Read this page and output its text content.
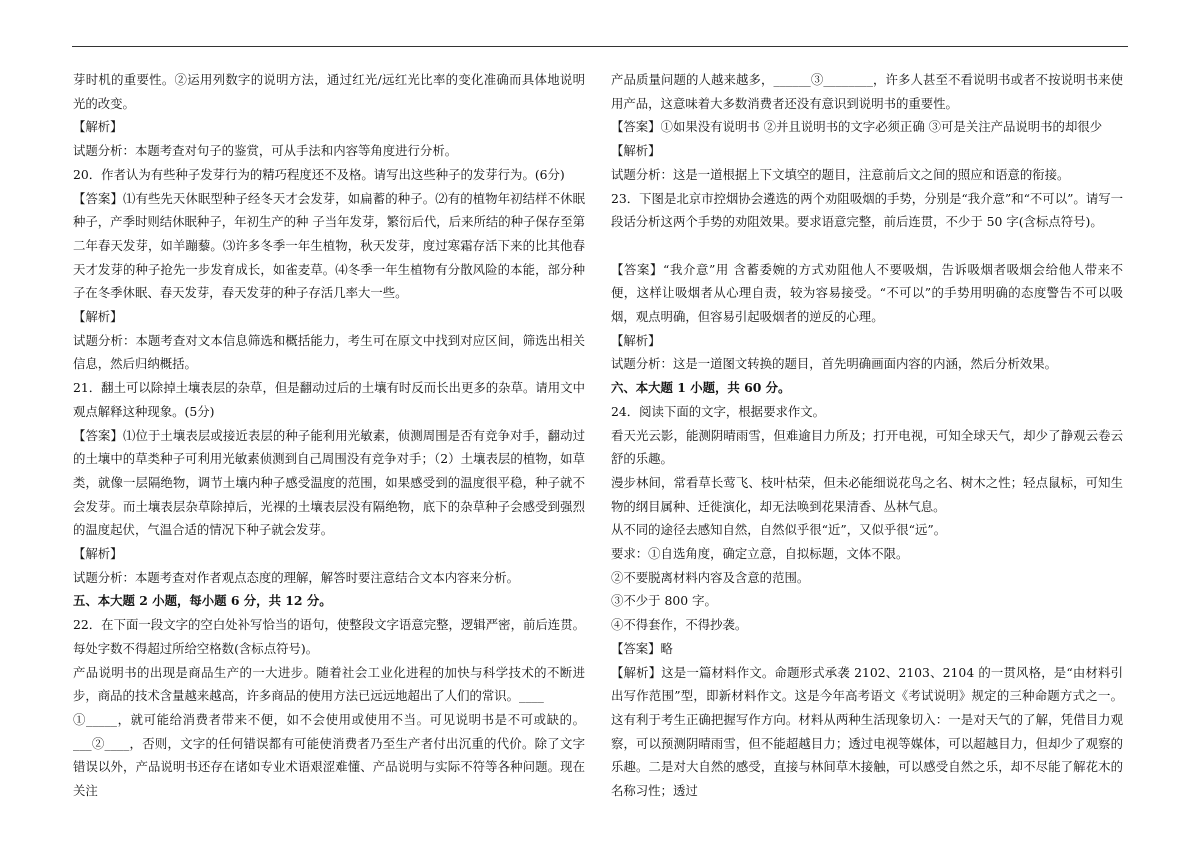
芽时机的重要性。②运用列数字的说明方法，通过红光/远红光比率的变化准确而具体地说明光的改变。

【解析】

试题分析：本题考查对句子的鉴赏，可从手法和内容等角度进行分析。

20．作者认为有些种子发芽行为的精巧程度还不及格。请写出这些种子的发芽行为。(6分)

【答案】⑴有些先天休眠型种子经冬天才会发芽，如扁蓄的种子。⑵有的植物年初结样不休眠种子，产季时则结休眠种子，年初生产的种 子当年发芽，繁衍后代，后来所结的种子保存至第二年春天发芽，如羊蹦藜。⑶许多冬季一年生植物，秋天发芽，度过寒霜存活下来的比其他春天才发芽的种子抢先一步发育成长，如雀麦草。⑷冬季一年生植物有分散风险的本能，部分种子在冬季休眠、春天发芽，春天发芽的种子存活几率大一些。

【解析】

试题分析：本题考查对文本信息筛选和概括能力，考生可在原文中找到对应区间，筛选出相关信息，然后归纳概括。

21．翻土可以除掉土壤表层的杂草，但是翻动过后的土壤有时反而长出更多的杂草。请用文中观点解释这种现象。(5分)

【答案】⑴位于土壤表层或接近表层的种子能利用光敏素，侦测周围是否有竞争对手，翻动过的土壤中的草类种子可利用光敏素侦测到自己周围没有竞争对手；（2）土壤表层的植物，如草类，就像一层隔绝物，调节土壤内种子感受温度的范围，如果感受到的温度很平稳，种子就不会发芽。而土壤表层杂草除掉后，光裸的土壤表层没有隔绝物，底下的杂草种子会感受到强烈的温度起伏，气温合适的情况下种子就会发芽。

【解析】

试题分析：本题考查对作者观点态度的理解，解答时要注意结合文本内容来分析。

五、本大题 2 小题，每小题 6 分，共 12 分。

22．在下面一段文字的空白处补写恰当的语句，使整段文字语意完整，逻辑严密，前后连贯。每处字数不得超过所给空格数(含标点符号)。

产品说明书的出现是商品生产的一大进步。随着社会工业化进程的加快与科学技术的不断进步，商品的技术含量越来越高，许多商品的使用方法已远远地超出了人们的常识。____

①_____，就可能给消费者带来不便，如不会使用或使用不当。可见说明书是不可或缺的。___②____，否则，文字的任何错误都有可能使消费者乃至生产者付出沉重的代价。除了文字错误以外，产品说明书还存在诸如专业术语艰涩难懂、产品说明与实际不符等各种问题。现在关注

产品质量问题的人越来越多，______③________，许多人甚至不看说明书或者不按说明书来使用产品，这意味着大多数消费者还没有意识到说明书的重要性。

【答案】①如果没有说明书 ②并且说明书的文字必须正确 ③可是关注产品说明书的却很少

【解析】

试题分析：这是一道根据上下文填空的题目，注意前后文之间的照应和语意的衔接。

23．下图是北京市控烟协会遴选的两个劝阻吸烟的手势，分别是“我介意”和“不可以”。请写一段话分析这两个手势的劝阻效果。要求语意完整，前后连贯，不少于 50 字(含标点符号)。

【答案】“我介意”用 含蓄委婉的方式劝阻他人不要吸烟，告诉吸烟者吸烟会给他人带来不便，这样让吸烟者从心理自责，较为容易接受。“不可以”的手势用明确的态度警告不可以吸烟，观点明确，但容易引起吸烟者的逆反的心理。

【解析】

试题分析：这是一道图文转换的题目，首先明确画面内容的内涵，然后分析效果。

六、本大题 1 小题，共 60 分。

24．阅读下面的文字，根据要求作文。

看天光云影，能测阴晴雨雪，但难逾目力所及；打开电视，可知全球天气，却少了静观云卷云舒的乐趣。

漫步林间，常看草长莺飞、枝叶枯荣，但未必能细说花鸟之名、树木之性；轻点鼠标，可知生物的纲目属种、迁徙演化，却无法唤到花果清香、丛林气息。

从不同的途径去感知自然，自然似乎很“近”，又似乎很“远”。

要求：①自选角度，确定立意，自拟标题，文体不限。

②不要脱离材料内容及含意的范围。

③不少于 800 字。

④不得套作，不得抄袭。

【答案】略

【解析】这是一篇材料作文。命题形式承袭 2102、2103、2104 的一贯风格，是“由材料引出写作范围”型，即新材料作文。这是今年高考语文《考试说明》规定的三种命题方式之一。这有利于考生正确把握写作方向。材料从两种生活现象切入：一是对天气的了解，凭借目力观察，可以预测阴晴雨雪，但不能超越目力；透过电视等媒体，可以超越目力，但却少了观察的乐趣。二是对大自然的感受，直接与林间草木接触，可以感受自然之乐，却不尽能了解花木的名称习性；透过
